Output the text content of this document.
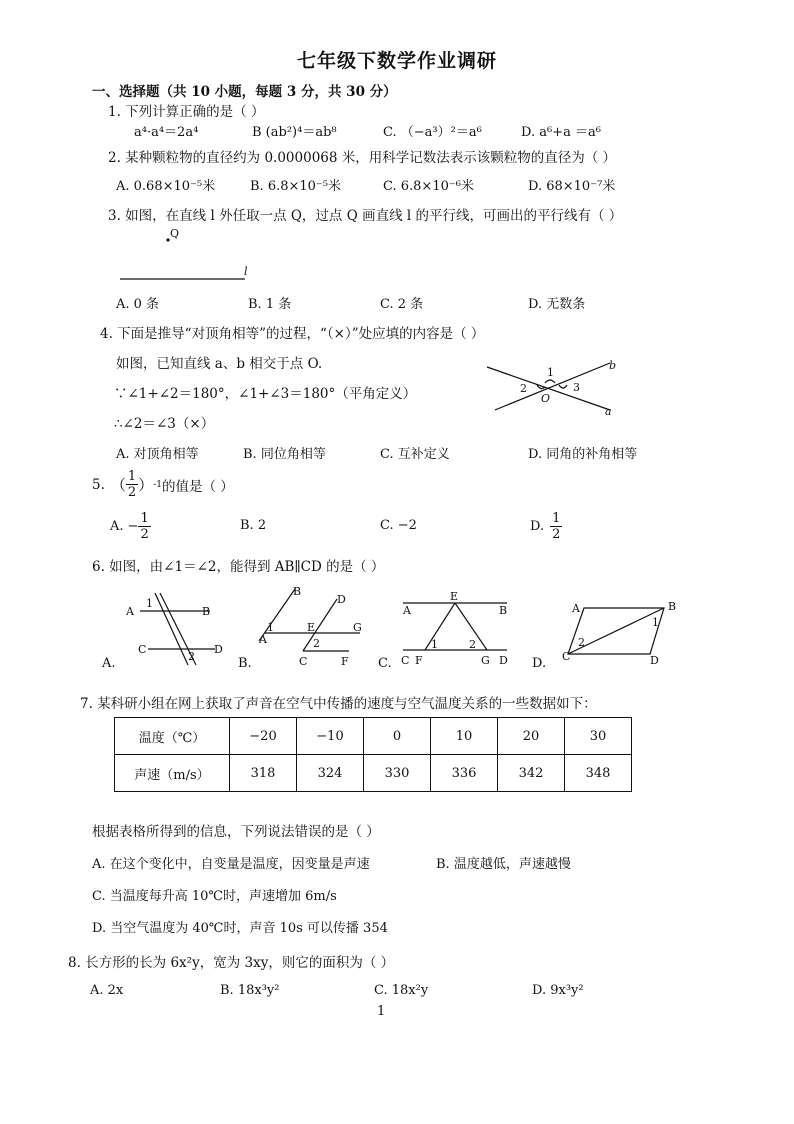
七年级下数学作业调研
一、选择题（共 10 小题，每题 3 分，共 30 分）
1. 下列计算正确的是（ ）
a⁴·a⁴＝2a⁴	B (ab²)⁴＝ab⁸	C. （−a³）²＝a⁶	D. a⁶+a ＝a⁶
2. 某种颗粒物的直径约为 0.0000068 米，用科学记数法表示该颗粒物的直径为（ ）
A. 0.68×10⁻⁵米	B. 6.8×10⁻⁵米	C. 6.8×10⁻⁶米	D. 68×10⁻⁷米
3. 如图，在直线 l 外任取一点 Q，过点 Q 画直线 l 的平行线，可画出的平行线有（ ）
Q
l
A. 0 条	B. 1 条	C. 2 条	D. 无数条
4. 下面是推导“对顶角相等”的过程，“（×）”处应填的内容是（ ）
如图，已知直线 a、b 相交于点 O.
∵∠1+∠2＝180°，∠1+∠3＝180°（平角定义）
∴∠2＝∠3（×）
1
2	3
O
a
b
A. 对顶角相等	B. 同位角相等	C. 互补定义	D. 同角的补角相等
5. （ $\frac{1}{2}$ ） -1 的值是（ ）
A. − $\frac{1}{2}$	B. 2	C. −2	D. $\frac{1}{2}$
6. 如图，由∠1＝∠2，能得到 AB∥CD 的是（ ）
A	B
C	D
1
2
A.
B
A
1
D
E	G
2
C	F
B.
A
E
B
1	2
C F	G D
C.
A	B
1
2
C	D
D.
7. 某科研小组在网上获取了声音在空气中传播的速度与空气温度关系的一些数据如下：
温度（℃）	−20	−10	0	10	20	30
声速（m/s）	318	324	330	336	342	348
根据表格所得到的信息，下列说法错误的是（ ）
A. 在这个变化中，自变量是温度，因变量是声速	B. 温度越低，声速越慢
C. 当温度每升高 10℃时，声速增加 6m/s
D. 当空气温度为 40℃时，声音 10s 可以传播 354
8. 长方形的长为 6x²y，宽为 3xy，则它的面积为（ ）
A. 2x	B. 18x³y²	C. 18x²y	D. 9x³y²
1
